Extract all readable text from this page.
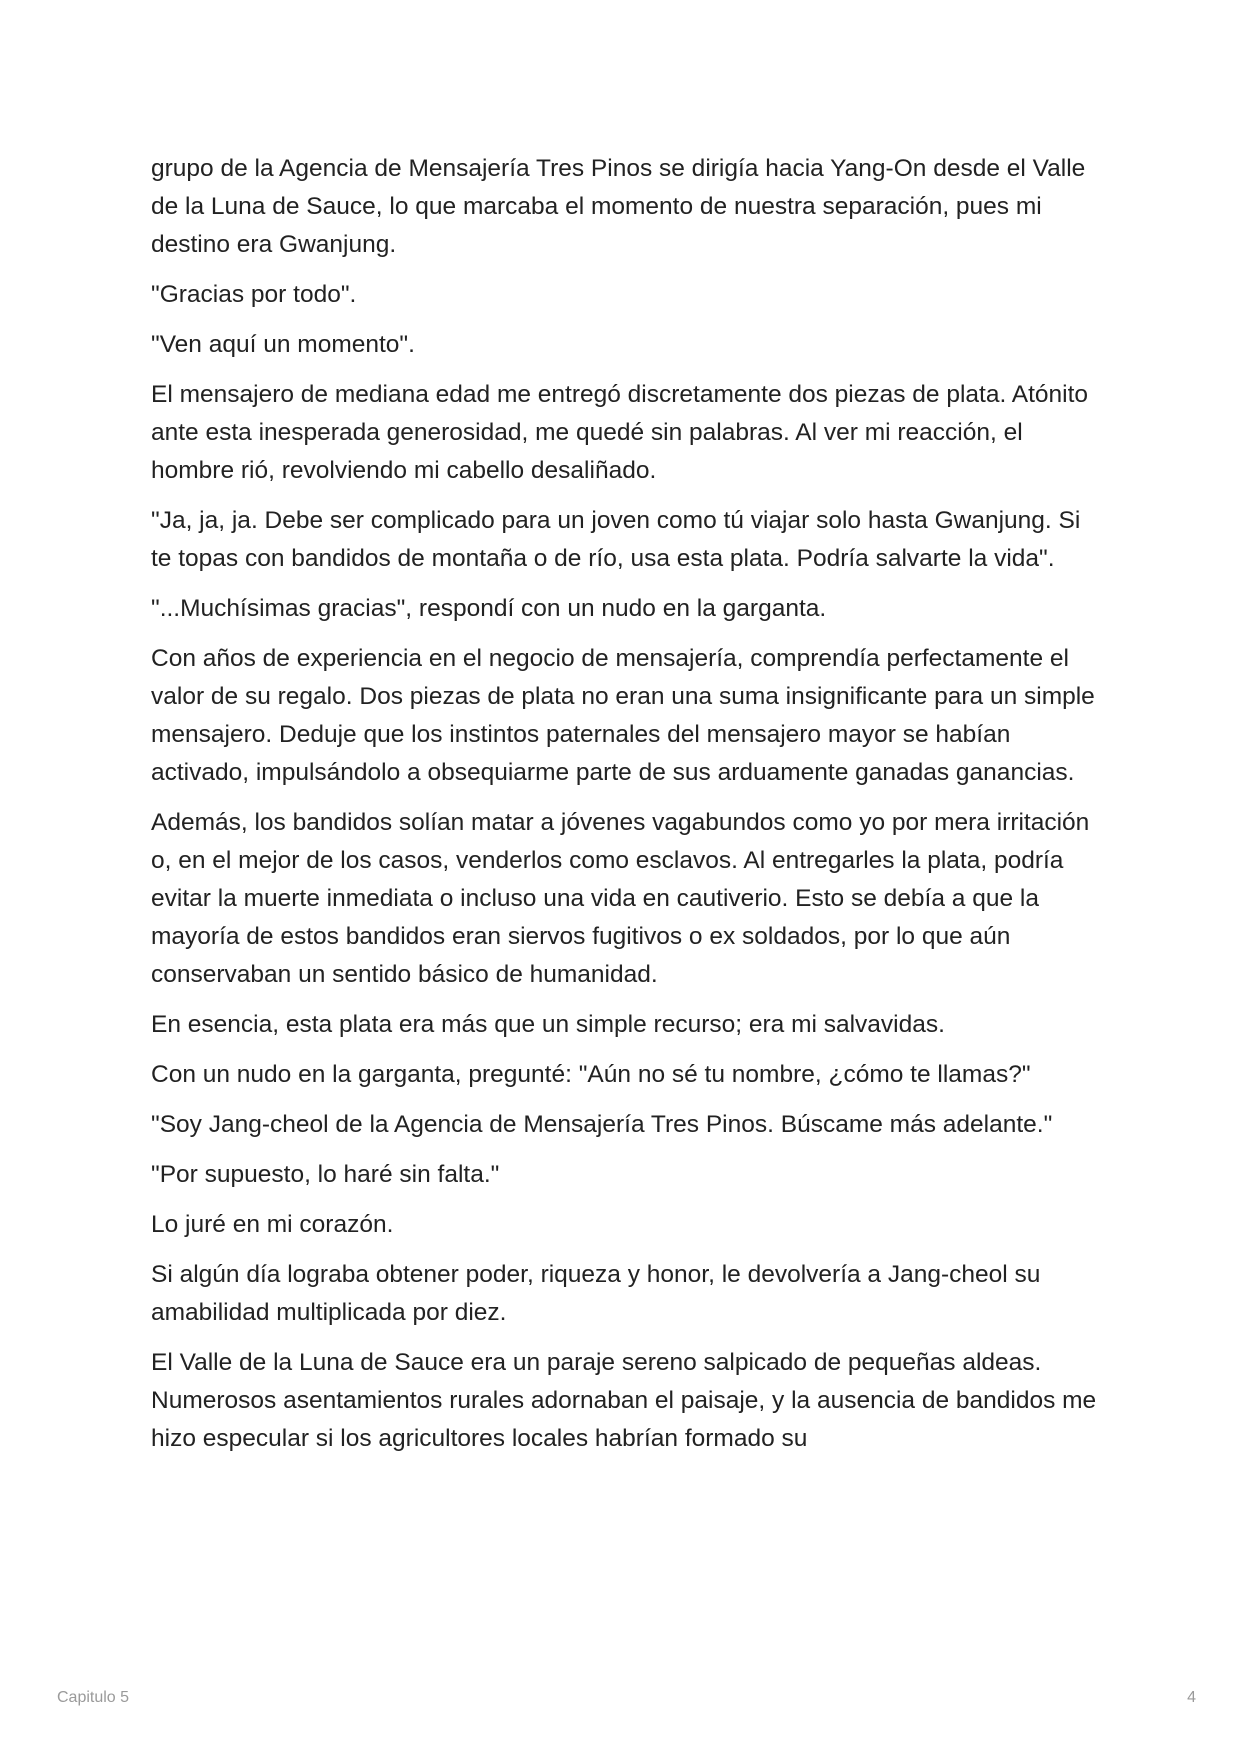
grupo de la Agencia de Mensajería Tres Pinos se dirigía hacia Yang-On desde el Valle de la Luna de Sauce, lo que marcaba el momento de nuestra separación, pues mi destino era Gwanjung.

"Gracias por todo".

"Ven aquí un momento".

El mensajero de mediana edad me entregó discretamente dos piezas de plata. Atónito ante esta inesperada generosidad, me quedé sin palabras. Al ver mi reacción, el hombre rió, revolviendo mi cabello desaliñado.

"Ja, ja, ja. Debe ser complicado para un joven como tú viajar solo hasta Gwanjung. Si te topas con bandidos de montaña o de río, usa esta plata. Podría salvarte la vida".

"...Muchísimas gracias", respondí con un nudo en la garganta.

Con años de experiencia en el negocio de mensajería, comprendía perfectamente el valor de su regalo. Dos piezas de plata no eran una suma insignificante para un simple mensajero. Deduje que los instintos paternales del mensajero mayor se habían activado, impulsándolo a obsequiarme parte de sus arduamente ganadas ganancias.

Además, los bandidos solían matar a jóvenes vagabundos como yo por mera irritación o, en el mejor de los casos, venderlos como esclavos. Al entregarles la plata, podría evitar la muerte inmediata o incluso una vida en cautiverio. Esto se debía a que la mayoría de estos bandidos eran siervos fugitivos o ex soldados, por lo que aún conservaban un sentido básico de humanidad.

En esencia, esta plata era más que un simple recurso; era mi salvavidas.

Con un nudo en la garganta, pregunté: "Aún no sé tu nombre, ¿cómo te llamas?"

"Soy Jang-cheol de la Agencia de Mensajería Tres Pinos. Búscame más adelante."

"Por supuesto, lo haré sin falta."

Lo juré en mi corazón.

Si algún día lograba obtener poder, riqueza y honor, le devolvería a Jang-cheol su amabilidad multiplicada por diez.

El Valle de la Luna de Sauce era un paraje sereno salpicado de pequeñas aldeas. Numerosos asentamientos rurales adornaban el paisaje, y la ausencia de bandidos me hizo especular si los agricultores locales habrían formado su

Capitulo 5	4
